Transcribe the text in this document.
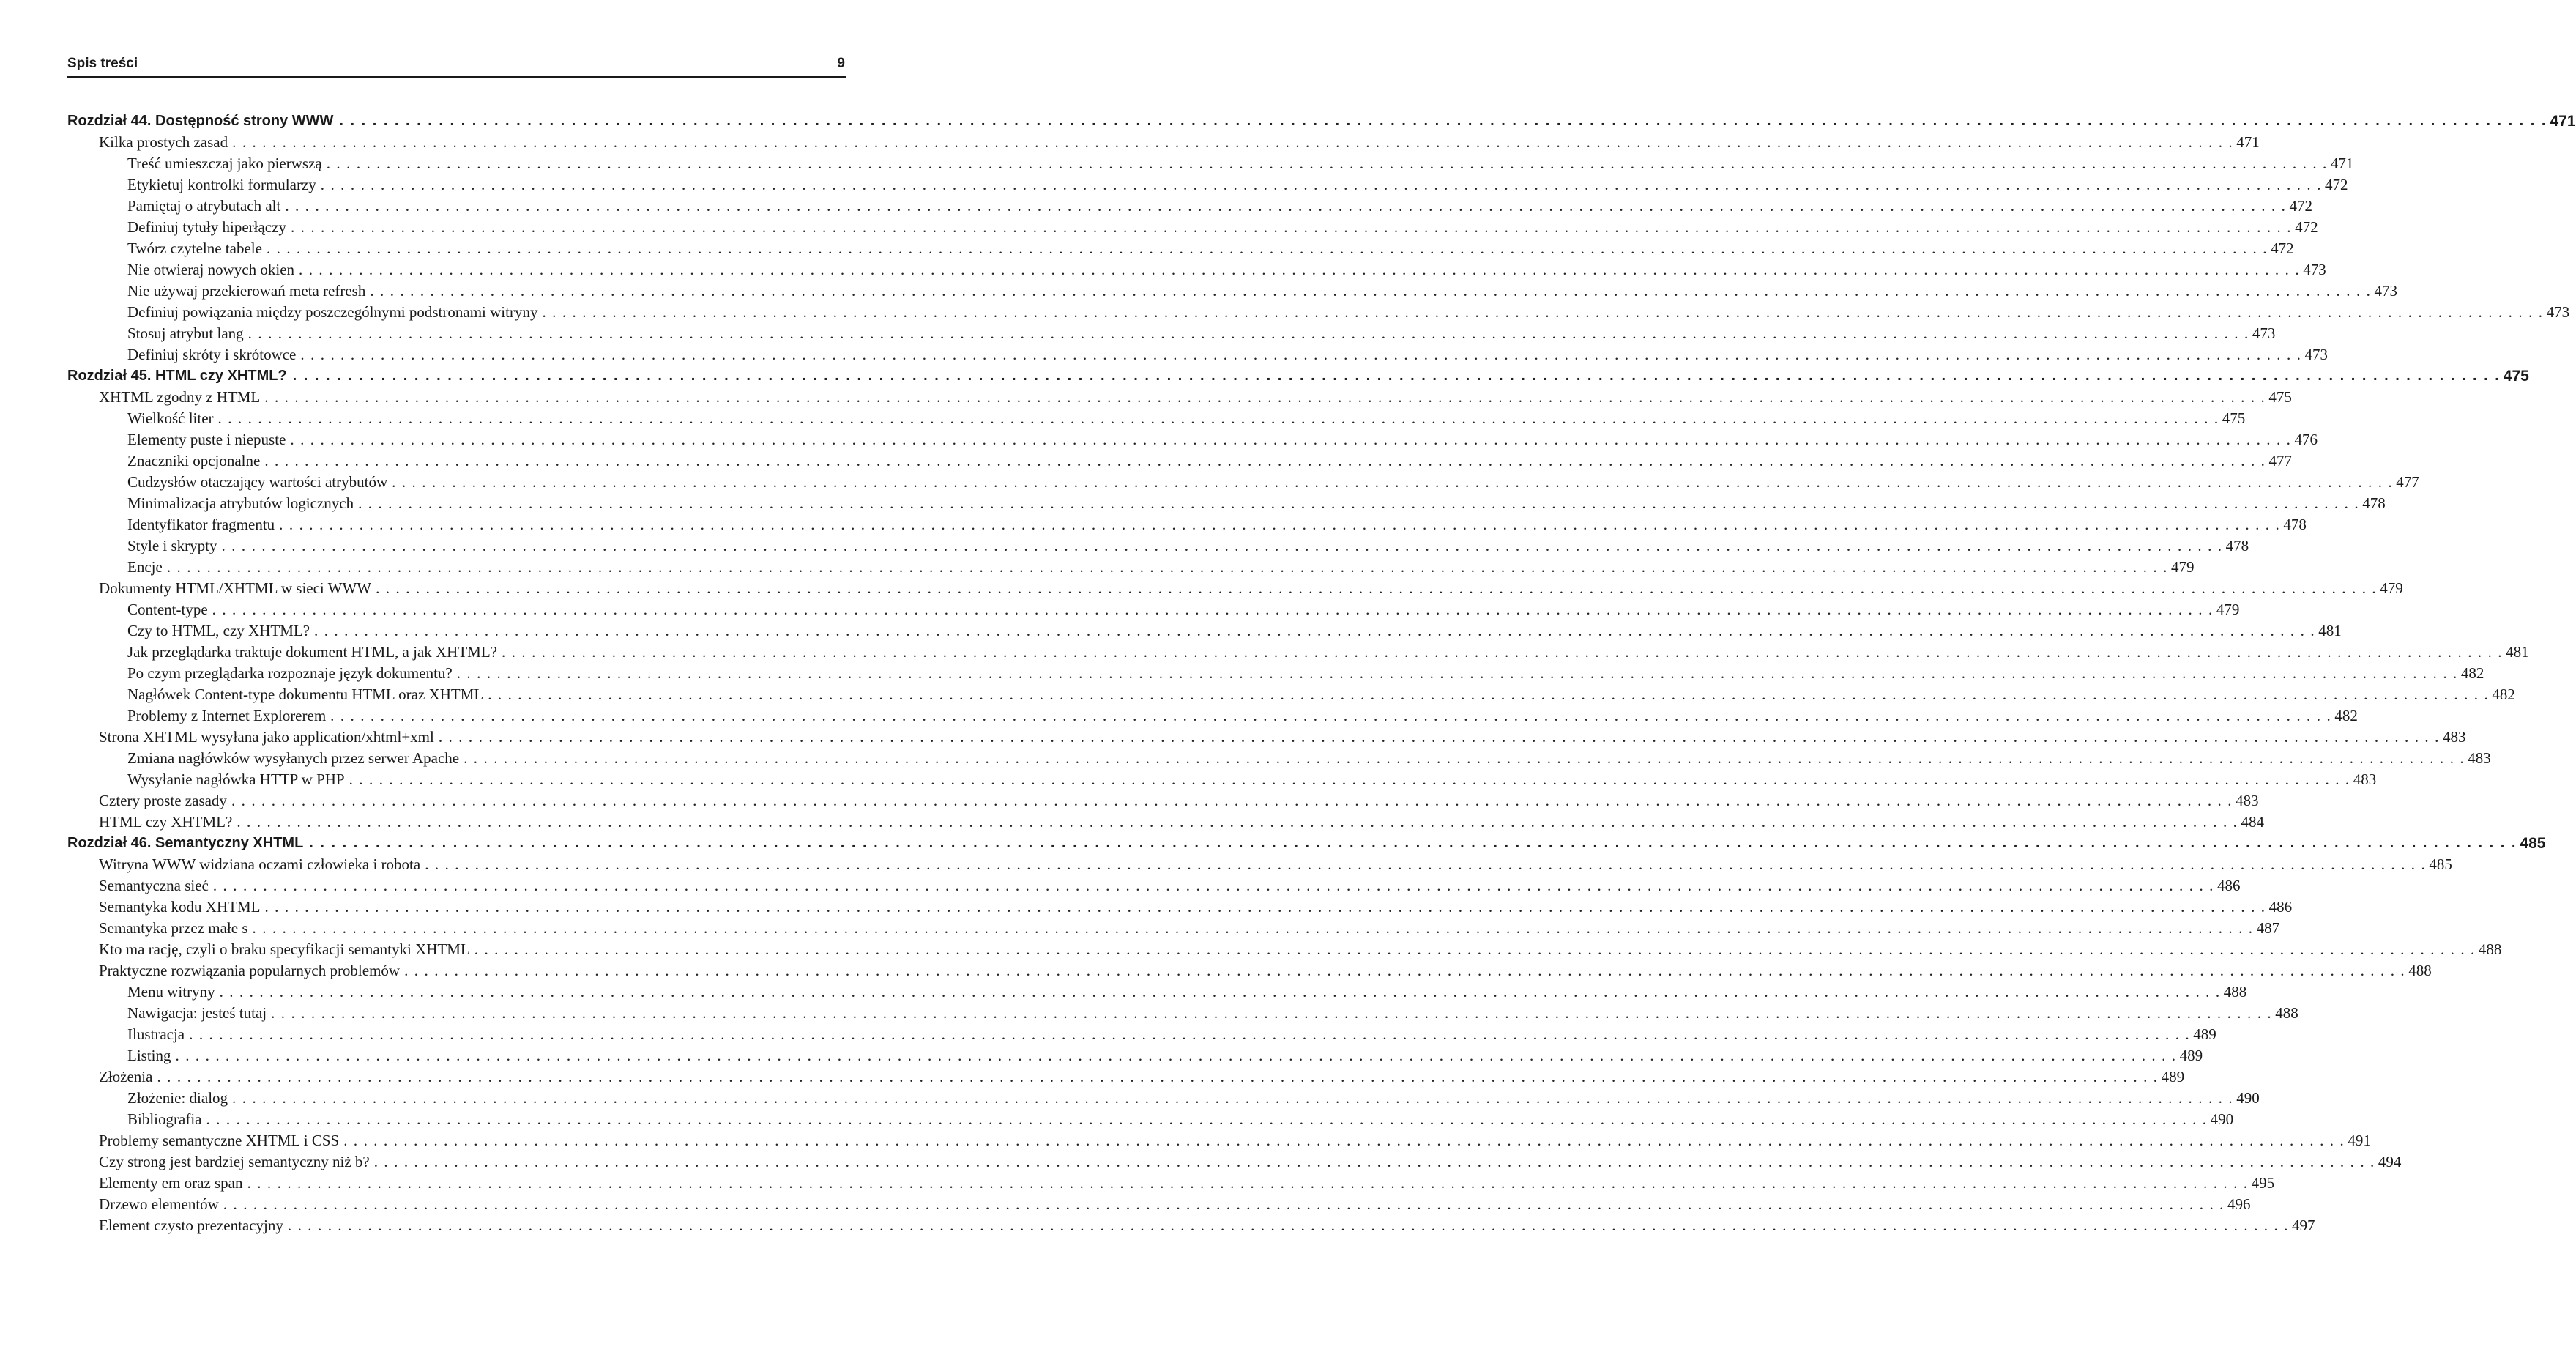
Spis treści	9
Rozdział 44. Dostępność strony WWW . . . . . . . . . . . . . . . . . . . . . . . . . . . . . . . . . . . . . . . . . . . . . . . . . . . . . . . . . . . . . . . . . . . . . . . . . . . . . . . . . . . . . . . . . . . . . . . . . . . . . . . . . . . . . . . . . . . . . . . . . . . . . . . . . . . . . . . . . . . . . . . . . . . . . . . . . . . . . . . . . . . . . . . . . . . . . . . . . . . . . . . . . . . . . . . . . . . . . . . . 471
Kilka prostych zasad . . . . . . . . . . . . . . . . . . . . . . . . . . . . . . . . . . . . . . . . . . . . . . . . . . . . . . . . . . . . . . . . . . . . . . . . . . . . . . . . . . . . . . . . . . . . . . . . . . . . . . . . . . . . . . . . . . . . . . . . . . . . . . . . . . . . . . . . . . . . . . . . . . . . . . . . . . . . . . . . . . . . . . . . . . . . . . . . . . . . . . . . . . . . . . . . . . . . . . . . 471
Treść umieszczaj jako pierwszą . . . . . . . . . . . . . . . . . . . . . . . . . . . . . . . . . . . . . . . . . . . . . . . . . . . . . . . . . . . . . . . . . . . . . . . . . . . . . . . . . . . . . . . . . . . . . . . . . . . . . . . . . . . . . . . . . . . . . . . . . . . . . . . . . . . . . . . . . . . . . . . . . . . . . . . . . . . . . . . . . . . . . . . . . . . . . . . . . . . . . . . . . . . . . . . . . . . . . . . . 471
Etykietuj kontrolki formularzy . . . . . . . . . . . . . . . . . . . . . . . . . . . . . . . . . . . . . . . . . . . . . . . . . . . . . . . . . . . . . . . . . . . . . . . . . . . . . . . . . . . . . . . . . . . . . . . . . . . . . . . . . . . . . . . . . . . . . . . . . . . . . . . . . . . . . . . . . . . . . . . . . . . . . . . . . . . . . . . . . . . . . . . . . . . . . . . . . . . . . . . . . . . . . . . . . . . . . . . . 472
Pamiętaj o atrybutach alt . . . . . . . . . . . . . . . . . . . . . . . . . . . . . . . . . . . . . . . . . . . . . . . . . . . . . . . . . . . . . . . . . . . . . . . . . . . . . . . . . . . . . . . . . . . . . . . . . . . . . . . . . . . . . . . . . . . . . . . . . . . . . . . . . . . . . . . . . . . . . . . . . . . . . . . . . . . . . . . . . . . . . . . . . . . . . . . . . . . . . . . . . . . . . . . . . . . . . . . . 472
Definiuj tytuły hiperłączy . . . . . . . . . . . . . . . . . . . . . . . . . . . . . . . . . . . . . . . . . . . . . . . . . . . . . . . . . . . . . . . . . . . . . . . . . . . . . . . . . . . . . . . . . . . . . . . . . . . . . . . . . . . . . . . . . . . . . . . . . . . . . . . . . . . . . . . . . . . . . . . . . . . . . . . . . . . . . . . . . . . . . . . . . . . . . . . . . . . . . . . . . . . . . . . . . . . . . . . . 472
Twórz czytelne tabele . . . . . . . . . . . . . . . . . . . . . . . . . . . . . . . . . . . . . . . . . . . . . . . . . . . . . . . . . . . . . . . . . . . . . . . . . . . . . . . . . . . . . . . . . . . . . . . . . . . . . . . . . . . . . . . . . . . . . . . . . . . . . . . . . . . . . . . . . . . . . . . . . . . . . . . . . . . . . . . . . . . . . . . . . . . . . . . . . . . . . . . . . . . . . . . . . . . . . . . . 472
Nie otwieraj nowych okien . . . . . . . . . . . . . . . . . . . . . . . . . . . . . . . . . . . . . . . . . . . . . . . . . . . . . . . . . . . . . . . . . . . . . . . . . . . . . . . . . . . . . . . . . . . . . . . . . . . . . . . . . . . . . . . . . . . . . . . . . . . . . . . . . . . . . . . . . . . . . . . . . . . . . . . . . . . . . . . . . . . . . . . . . . . . . . . . . . . . . . . . . . . . . . . . . . . . . . . . 473
Nie używaj przekierowań meta refresh . . . . . . . . . . . . . . . . . . . . . . . . . . . . . . . . . . . . . . . . . . . . . . . . . . . . . . . . . . . . . . . . . . . . . . . . . . . . . . . . . . . . . . . . . . . . . . . . . . . . . . . . . . . . . . . . . . . . . . . . . . . . . . . . . . . . . . . . . . . . . . . . . . . . . . . . . . . . . . . . . . . . . . . . . . . . . . . . . . . . . . . . . . . . . . . . . . . . . . . . 473
Definiuj powiązania między poszczególnymi podstronami witryny . . . . . . . . . . . . . . . . . . . . . . . . . . . . . . . . . . . . . . . . . . . . . . . . . . . . . . . . . . . . . . . . . . . . . . . . . . . . . . . . . . . . . . . . . . . . . . . . . . . . . . . . . . . . . . . . . . . . . . . . . . . . . . . . . . . . . . . . . . . . . . . . . . . . . . . . . . . . . . . . . . . . . . . . . . . . . . . . . . . . . . . . . . . . . . . . . . . . . . . . 473
Stosuj atrybut lang . . . . . . . . . . . . . . . . . . . . . . . . . . . . . . . . . . . . . . . . . . . . . . . . . . . . . . . . . . . . . . . . . . . . . . . . . . . . . . . . . . . . . . . . . . . . . . . . . . . . . . . . . . . . . . . . . . . . . . . . . . . . . . . . . . . . . . . . . . . . . . . . . . . . . . . . . . . . . . . . . . . . . . . . . . . . . . . . . . . . . . . . . . . . . . . . . . . . . . . . 473
Definiuj skróty i skrótowce . . . . . . . . . . . . . . . . . . . . . . . . . . . . . . . . . . . . . . . . . . . . . . . . . . . . . . . . . . . . . . . . . . . . . . . . . . . . . . . . . . . . . . . . . . . . . . . . . . . . . . . . . . . . . . . . . . . . . . . . . . . . . . . . . . . . . . . . . . . . . . . . . . . . . . . . . . . . . . . . . . . . . . . . . . . . . . . . . . . . . . . . . . . . . . . . . . . . . . . . 473
Rozdział 45. HTML czy XHTML? . . . . . . . . . . . . . . . . . . . . . . . . . . . . . . . . . . . . . . . . . . . . . . . . . . . . . . . . . . . . . . . . . . . . . . . . . . . . . . . . . . . . . . . . . . . . . . . . . . . . . . . . . . . . . . . . . . . . . . . . . . . . . . . . . . . . . . . . . . . . . . . . . . . . . . . . . . . . . . . . . . . . . . . . . . . . . . . . . . . . . . . . . . . . . . . . . . . . . . . . 475
XHTML zgodny z HTML . . . . . . . . . . . . . . . . . . . . . . . . . . . . . . . . . . . . . . . . . . . . . . . . . . . . . . . . . . . . . . . . . . . . . . . . . . . . . . . . . . . . . . . . . . . . . . . . . . . . . . . . . . . . . . . . . . . . . . . . . . . . . . . . . . . . . . . . . . . . . . . . . . . . . . . . . . . . . . . . . . . . . . . . . . . . . . . . . . . . . . . . . . . . . . . . . . . . . . . . 475
Wielkość liter . . . . . . . . . . . . . . . . . . . . . . . . . . . . . . . . . . . . . . . . . . . . . . . . . . . . . . . . . . . . . . . . . . . . . . . . . . . . . . . . . . . . . . . . . . . . . . . . . . . . . . . . . . . . . . . . . . . . . . . . . . . . . . . . . . . . . . . . . . . . . . . . . . . . . . . . . . . . . . . . . . . . . . . . . . . . . . . . . . . . . . . . . . . . . . . . . . . . . . . . 475
Elementy puste i niepuste . . . . . . . . . . . . . . . . . . . . . . . . . . . . . . . . . . . . . . . . . . . . . . . . . . . . . . . . . . . . . . . . . . . . . . . . . . . . . . . . . . . . . . . . . . . . . . . . . . . . . . . . . . . . . . . . . . . . . . . . . . . . . . . . . . . . . . . . . . . . . . . . . . . . . . . . . . . . . . . . . . . . . . . . . . . . . . . . . . . . . . . . . . . . . . . . . . . . . . . . 476
Znaczniki opcjonalne . . . . . . . . . . . . . . . . . . . . . . . . . . . . . . . . . . . . . . . . . . . . . . . . . . . . . . . . . . . . . . . . . . . . . . . . . . . . . . . . . . . . . . . . . . . . . . . . . . . . . . . . . . . . . . . . . . . . . . . . . . . . . . . . . . . . . . . . . . . . . . . . . . . . . . . . . . . . . . . . . . . . . . . . . . . . . . . . . . . . . . . . . . . . . . . . . . . . . . . . 477
Cudzysłów otaczający wartości atrybutów . . . . . . . . . . . . . . . . . . . . . . . . . . . . . . . . . . . . . . . . . . . . . . . . . . . . . . . . . . . . . . . . . . . . . . . . . . . . . . . . . . . . . . . . . . . . . . . . . . . . . . . . . . . . . . . . . . . . . . . . . . . . . . . . . . . . . . . . . . . . . . . . . . . . . . . . . . . . . . . . . . . . . . . . . . . . . . . . . . . . . . . . . . . . . . . . . . . . . . . . 477
Minimalizacja atrybutów logicznych . . . . . . . . . . . . . . . . . . . . . . . . . . . . . . . . . . . . . . . . . . . . . . . . . . . . . . . . . . . . . . . . . . . . . . . . . . . . . . . . . . . . . . . . . . . . . . . . . . . . . . . . . . . . . . . . . . . . . . . . . . . . . . . . . . . . . . . . . . . . . . . . . . . . . . . . . . . . . . . . . . . . . . . . . . . . . . . . . . . . . . . . . . . . . . . . . . . . . . . . 478
Identyfikator fragmentu . . . . . . . . . . . . . . . . . . . . . . . . . . . . . . . . . . . . . . . . . . . . . . . . . . . . . . . . . . . . . . . . . . . . . . . . . . . . . . . . . . . . . . . . . . . . . . . . . . . . . . . . . . . . . . . . . . . . . . . . . . . . . . . . . . . . . . . . . . . . . . . . . . . . . . . . . . . . . . . . . . . . . . . . . . . . . . . . . . . . . . . . . . . . . . . . . . . . . . . . 478
Style i skrypty . . . . . . . . . . . . . . . . . . . . . . . . . . . . . . . . . . . . . . . . . . . . . . . . . . . . . . . . . . . . . . . . . . . . . . . . . . . . . . . . . . . . . . . . . . . . . . . . . . . . . . . . . . . . . . . . . . . . . . . . . . . . . . . . . . . . . . . . . . . . . . . . . . . . . . . . . . . . . . . . . . . . . . . . . . . . . . . . . . . . . . . . . . . . . . . . . . . . . . . . 478
Encje . . . . . . . . . . . . . . . . . . . . . . . . . . . . . . . . . . . . . . . . . . . . . . . . . . . . . . . . . . . . . . . . . . . . . . . . . . . . . . . . . . . . . . . . . . . . . . . . . . . . . . . . . . . . . . . . . . . . . . . . . . . . . . . . . . . . . . . . . . . . . . . . . . . . . . . . . . . . . . . . . . . . . . . . . . . . . . . . . . . . . . . . . . . . . . . . . . . . . . . . 479
Dokumenty HTML/XHTML w sieci WWW . . . . . . . . . . . . . . . . . . . . . . . . . . . . . . . . . . . . . . . . . . . . . . . . . . . . . . . . . . . . . . . . . . . . . . . . . . . . . . . . . . . . . . . . . . . . . . . . . . . . . . . . . . . . . . . . . . . . . . . . . . . . . . . . . . . . . . . . . . . . . . . . . . . . . . . . . . . . . . . . . . . . . . . . . . . . . . . . . . . . . . . . . . . . . . . . . . . . . . . . 479
Content-type . . . . . . . . . . . . . . . . . . . . . . . . . . . . . . . . . . . . . . . . . . . . . . . . . . . . . . . . . . . . . . . . . . . . . . . . . . . . . . . . . . . . . . . . . . . . . . . . . . . . . . . . . . . . . . . . . . . . . . . . . . . . . . . . . . . . . . . . . . . . . . . . . . . . . . . . . . . . . . . . . . . . . . . . . . . . . . . . . . . . . . . . . . . . . . . . . . . . . . . . 479
Czy to HTML, czy XHTML? . . . . . . . . . . . . . . . . . . . . . . . . . . . . . . . . . . . . . . . . . . . . . . . . . . . . . . . . . . . . . . . . . . . . . . . . . . . . . . . . . . . . . . . . . . . . . . . . . . . . . . . . . . . . . . . . . . . . . . . . . . . . . . . . . . . . . . . . . . . . . . . . . . . . . . . . . . . . . . . . . . . . . . . . . . . . . . . . . . . . . . . . . . . . . . . . . . . . . . . . 481
Jak przeglądarka traktuje dokument HTML, a jak XHTML? . . . . . . . . . . . . . . . . . . . . . . . . . . . . . . . . . . . . . . . . . . . . . . . . . . . . . . . . . . . . . . . . . . . . . . . . . . . . . . . . . . . . . . . . . . . . . . . . . . . . . . . . . . . . . . . . . . . . . . . . . . . . . . . . . . . . . . . . . . . . . . . . . . . . . . . . . . . . . . . . . . . . . . . . . . . . . . . . . . . . . . . . . . . . . . . . . . . . . . . . 481
Po czym przeglądarka rozpoznaje język dokumentu? . . . . . . . . . . . . . . . . . . . . . . . . . . . . . . . . . . . . . . . . . . . . . . . . . . . . . . . . . . . . . . . . . . . . . . . . . . . . . . . . . . . . . . . . . . . . . . . . . . . . . . . . . . . . . . . . . . . . . . . . . . . . . . . . . . . . . . . . . . . . . . . . . . . . . . . . . . . . . . . . . . . . . . . . . . . . . . . . . . . . . . . . . . . . . . . . . . . . . . . . 482
Nagłówek Content-type dokumentu HTML oraz XHTML . . . . . . . . . . . . . . . . . . . . . . . . . . . . . . . . . . . . . . . . . . . . . . . . . . . . . . . . . . . . . . . . . . . . . . . . . . . . . . . . . . . . . . . . . . . . . . . . . . . . . . . . . . . . . . . . . . . . . . . . . . . . . . . . . . . . . . . . . . . . . . . . . . . . . . . . . . . . . . . . . . . . . . . . . . . . . . . . . . . . . . . . . . . . . . . . . . . . . . . . 482
Problemy z Internet Explorerem . . . . . . . . . . . . . . . . . . . . . . . . . . . . . . . . . . . . . . . . . . . . . . . . . . . . . . . . . . . . . . . . . . . . . . . . . . . . . . . . . . . . . . . . . . . . . . . . . . . . . . . . . . . . . . . . . . . . . . . . . . . . . . . . . . . . . . . . . . . . . . . . . . . . . . . . . . . . . . . . . . . . . . . . . . . . . . . . . . . . . . . . . . . . . . . . . . . . . . . . 482
Strona XHTML wysyłana jako application/xhtml+xml . . . . . . . . . . . . . . . . . . . . . . . . . . . . . . . . . . . . . . . . . . . . . . . . . . . . . . . . . . . . . . . . . . . . . . . . . . . . . . . . . . . . . . . . . . . . . . . . . . . . . . . . . . . . . . . . . . . . . . . . . . . . . . . . . . . . . . . . . . . . . . . . . . . . . . . . . . . . . . . . . . . . . . . . . . . . . . . . . . . . . . . . . . . . . . . . . . . . . . . . 483
Zmiana nagłówków wysyłanych przez serwer Apache . . . . . . . . . . . . . . . . . . . . . . . . . . . . . . . . . . . . . . . . . . . . . . . . . . . . . . . . . . . . . . . . . . . . . . . . . . . . . . . . . . . . . . . . . . . . . . . . . . . . . . . . . . . . . . . . . . . . . . . . . . . . . . . . . . . . . . . . . . . . . . . . . . . . . . . . . . . . . . . . . . . . . . . . . . . . . . . . . . . . . . . . . . . . . . . . . . . . . . . . 483
Wysyłanie nagłówka HTTP w PHP . . . . . . . . . . . . . . . . . . . . . . . . . . . . . . . . . . . . . . . . . . . . . . . . . . . . . . . . . . . . . . . . . . . . . . . . . . . . . . . . . . . . . . . . . . . . . . . . . . . . . . . . . . . . . . . . . . . . . . . . . . . . . . . . . . . . . . . . . . . . . . . . . . . . . . . . . . . . . . . . . . . . . . . . . . . . . . . . . . . . . . . . . . . . . . . . . . . . . . . . 483
Cztery proste zasady . . . . . . . . . . . . . . . . . . . . . . . . . . . . . . . . . . . . . . . . . . . . . . . . . . . . . . . . . . . . . . . . . . . . . . . . . . . . . . . . . . . . . . . . . . . . . . . . . . . . . . . . . . . . . . . . . . . . . . . . . . . . . . . . . . . . . . . . . . . . . . . . . . . . . . . . . . . . . . . . . . . . . . . . . . . . . . . . . . . . . . . . . . . . . . . . . . . . . . . . 483
HTML czy XHTML? . . . . . . . . . . . . . . . . . . . . . . . . . . . . . . . . . . . . . . . . . . . . . . . . . . . . . . . . . . . . . . . . . . . . . . . . . . . . . . . . . . . . . . . . . . . . . . . . . . . . . . . . . . . . . . . . . . . . . . . . . . . . . . . . . . . . . . . . . . . . . . . . . . . . . . . . . . . . . . . . . . . . . . . . . . . . . . . . . . . . . . . . . . . . . . . . . . . . . . . . 484
Rozdział 46. Semantyczny XHTML . . . . . . . . . . . . . . . . . . . . . . . . . . . . . . . . . . . . . . . . . . . . . . . . . . . . . . . . . . . . . . . . . . . . . . . . . . . . . . . . . . . . . . . . . . . . . . . . . . . . . . . . . . . . . . . . . . . . . . . . . . . . . . . . . . . . . . . . . . . . . . . . . . . . . . . . . . . . . . . . . . . . . . . . . . . . . . . . . . . . . . . . . . . . . . . . . . . . . . . . 485
Witryna WWW widziana oczami człowieka i robota . . . . . . . . . . . . . . . . . . . . . . . . . . . . . . . . . . . . . . . . . . . . . . . . . . . . . . . . . . . . . . . . . . . . . . . . . . . . . . . . . . . . . . . . . . . . . . . . . . . . . . . . . . . . . . . . . . . . . . . . . . . . . . . . . . . . . . . . . . . . . . . . . . . . . . . . . . . . . . . . . . . . . . . . . . . . . . . . . . . . . . . . . . . . . . . . . . . . . . . . 485
Semantyczna sieć . . . . . . . . . . . . . . . . . . . . . . . . . . . . . . . . . . . . . . . . . . . . . . . . . . . . . . . . . . . . . . . . . . . . . . . . . . . . . . . . . . . . . . . . . . . . . . . . . . . . . . . . . . . . . . . . . . . . . . . . . . . . . . . . . . . . . . . . . . . . . . . . . . . . . . . . . . . . . . . . . . . . . . . . . . . . . . . . . . . . . . . . . . . . . . . . . . . . . . . . 486
Semantyka kodu XHTML . . . . . . . . . . . . . . . . . . . . . . . . . . . . . . . . . . . . . . . . . . . . . . . . . . . . . . . . . . . . . . . . . . . . . . . . . . . . . . . . . . . . . . . . . . . . . . . . . . . . . . . . . . . . . . . . . . . . . . . . . . . . . . . . . . . . . . . . . . . . . . . . . . . . . . . . . . . . . . . . . . . . . . . . . . . . . . . . . . . . . . . . . . . . . . . . . . . . . . . . 486
Semantyka przez małe s . . . . . . . . . . . . . . . . . . . . . . . . . . . . . . . . . . . . . . . . . . . . . . . . . . . . . . . . . . . . . . . . . . . . . . . . . . . . . . . . . . . . . . . . . . . . . . . . . . . . . . . . . . . . . . . . . . . . . . . . . . . . . . . . . . . . . . . . . . . . . . . . . . . . . . . . . . . . . . . . . . . . . . . . . . . . . . . . . . . . . . . . . . . . . . . . . . . . . . . . 487
Kto ma rację, czyli o braku specyfikacji semantyki XHTML . . . . . . . . . . . . . . . . . . . . . . . . . . . . . . . . . . . . . . . . . . . . . . . . . . . . . . . . . . . . . . . . . . . . . . . . . . . . . . . . . . . . . . . . . . . . . . . . . . . . . . . . . . . . . . . . . . . . . . . . . . . . . . . . . . . . . . . . . . . . . . . . . . . . . . . . . . . . . . . . . . . . . . . . . . . . . . . . . . . . . . . . . . . . . . . . . . . . . . . . 488
Praktyczne rozwiązania popularnych problemów . . . . . . . . . . . . . . . . . . . . . . . . . . . . . . . . . . . . . . . . . . . . . . . . . . . . . . . . . . . . . . . . . . . . . . . . . . . . . . . . . . . . . . . . . . . . . . . . . . . . . . . . . . . . . . . . . . . . . . . . . . . . . . . . . . . . . . . . . . . . . . . . . . . . . . . . . . . . . . . . . . . . . . . . . . . . . . . . . . . . . . . . . . . . . . . . . . . . . . . . 488
Menu witryny . . . . . . . . . . . . . . . . . . . . . . . . . . . . . . . . . . . . . . . . . . . . . . . . . . . . . . . . . . . . . . . . . . . . . . . . . . . . . . . . . . . . . . . . . . . . . . . . . . . . . . . . . . . . . . . . . . . . . . . . . . . . . . . . . . . . . . . . . . . . . . . . . . . . . . . . . . . . . . . . . . . . . . . . . . . . . . . . . . . . . . . . . . . . . . . . . . . . . . . . 488
Nawigacja: jesteś tutaj . . . . . . . . . . . . . . . . . . . . . . . . . . . . . . . . . . . . . . . . . . . . . . . . . . . . . . . . . . . . . . . . . . . . . . . . . . . . . . . . . . . . . . . . . . . . . . . . . . . . . . . . . . . . . . . . . . . . . . . . . . . . . . . . . . . . . . . . . . . . . . . . . . . . . . . . . . . . . . . . . . . . . . . . . . . . . . . . . . . . . . . . . . . . . . . . . . . . . . . . 488
Ilustracja . . . . . . . . . . . . . . . . . . . . . . . . . . . . . . . . . . . . . . . . . . . . . . . . . . . . . . . . . . . . . . . . . . . . . . . . . . . . . . . . . . . . . . . . . . . . . . . . . . . . . . . . . . . . . . . . . . . . . . . . . . . . . . . . . . . . . . . . . . . . . . . . . . . . . . . . . . . . . . . . . . . . . . . . . . . . . . . . . . . . . . . . . . . . . . . . . . . . . . . . 489
Listing . . . . . . . . . . . . . . . . . . . . . . . . . . . . . . . . . . . . . . . . . . . . . . . . . . . . . . . . . . . . . . . . . . . . . . . . . . . . . . . . . . . . . . . . . . . . . . . . . . . . . . . . . . . . . . . . . . . . . . . . . . . . . . . . . . . . . . . . . . . . . . . . . . . . . . . . . . . . . . . . . . . . . . . . . . . . . . . . . . . . . . . . . . . . . . . . . . . . . . . . 489
Złożenia . . . . . . . . . . . . . . . . . . . . . . . . . . . . . . . . . . . . . . . . . . . . . . . . . . . . . . . . . . . . . . . . . . . . . . . . . . . . . . . . . . . . . . . . . . . . . . . . . . . . . . . . . . . . . . . . . . . . . . . . . . . . . . . . . . . . . . . . . . . . . . . . . . . . . . . . . . . . . . . . . . . . . . . . . . . . . . . . . . . . . . . . . . . . . . . . . . . . . . . . 489
Złożenie: dialog . . . . . . . . . . . . . . . . . . . . . . . . . . . . . . . . . . . . . . . . . . . . . . . . . . . . . . . . . . . . . . . . . . . . . . . . . . . . . . . . . . . . . . . . . . . . . . . . . . . . . . . . . . . . . . . . . . . . . . . . . . . . . . . . . . . . . . . . . . . . . . . . . . . . . . . . . . . . . . . . . . . . . . . . . . . . . . . . . . . . . . . . . . . . . . . . . . . . . . . . 490
Bibliografia . . . . . . . . . . . . . . . . . . . . . . . . . . . . . . . . . . . . . . . . . . . . . . . . . . . . . . . . . . . . . . . . . . . . . . . . . . . . . . . . . . . . . . . . . . . . . . . . . . . . . . . . . . . . . . . . . . . . . . . . . . . . . . . . . . . . . . . . . . . . . . . . . . . . . . . . . . . . . . . . . . . . . . . . . . . . . . . . . . . . . . . . . . . . . . . . . . . . . . . . 490
Problemy semantyczne XHTML i CSS . . . . . . . . . . . . . . . . . . . . . . . . . . . . . . . . . . . . . . . . . . . . . . . . . . . . . . . . . . . . . . . . . . . . . . . . . . . . . . . . . . . . . . . . . . . . . . . . . . . . . . . . . . . . . . . . . . . . . . . . . . . . . . . . . . . . . . . . . . . . . . . . . . . . . . . . . . . . . . . . . . . . . . . . . . . . . . . . . . . . . . . . . . . . . . . . . . . . . . . . 491
Czy strong jest bardziej semantyczny niż b? . . . . . . . . . . . . . . . . . . . . . . . . . . . . . . . . . . . . . . . . . . . . . . . . . . . . . . . . . . . . . . . . . . . . . . . . . . . . . . . . . . . . . . . . . . . . . . . . . . . . . . . . . . . . . . . . . . . . . . . . . . . . . . . . . . . . . . . . . . . . . . . . . . . . . . . . . . . . . . . . . . . . . . . . . . . . . . . . . . . . . . . . . . . . . . . . . . . . . . . . 494
Elementy em oraz span . . . . . . . . . . . . . . . . . . . . . . . . . . . . . . . . . . . . . . . . . . . . . . . . . . . . . . . . . . . . . . . . . . . . . . . . . . . . . . . . . . . . . . . . . . . . . . . . . . . . . . . . . . . . . . . . . . . . . . . . . . . . . . . . . . . . . . . . . . . . . . . . . . . . . . . . . . . . . . . . . . . . . . . . . . . . . . . . . . . . . . . . . . . . . . . . . . . . . . . . 495
Drzewo elementów . . . . . . . . . . . . . . . . . . . . . . . . . . . . . . . . . . . . . . . . . . . . . . . . . . . . . . . . . . . . . . . . . . . . . . . . . . . . . . . . . . . . . . . . . . . . . . . . . . . . . . . . . . . . . . . . . . . . . . . . . . . . . . . . . . . . . . . . . . . . . . . . . . . . . . . . . . . . . . . . . . . . . . . . . . . . . . . . . . . . . . . . . . . . . . . . . . . . . . . . 496
Element czysto prezentacyjny . . . . . . . . . . . . . . . . . . . . . . . . . . . . . . . . . . . . . . . . . . . . . . . . . . . . . . . . . . . . . . . . . . . . . . . . . . . . . . . . . . . . . . . . . . . . . . . . . . . . . . . . . . . . . . . . . . . . . . . . . . . . . . . . . . . . . . . . . . . . . . . . . . . . . . . . . . . . . . . . . . . . . . . . . . . . . . . . . . . . . . . . . . . . . . . . . . . . . . . . 497
